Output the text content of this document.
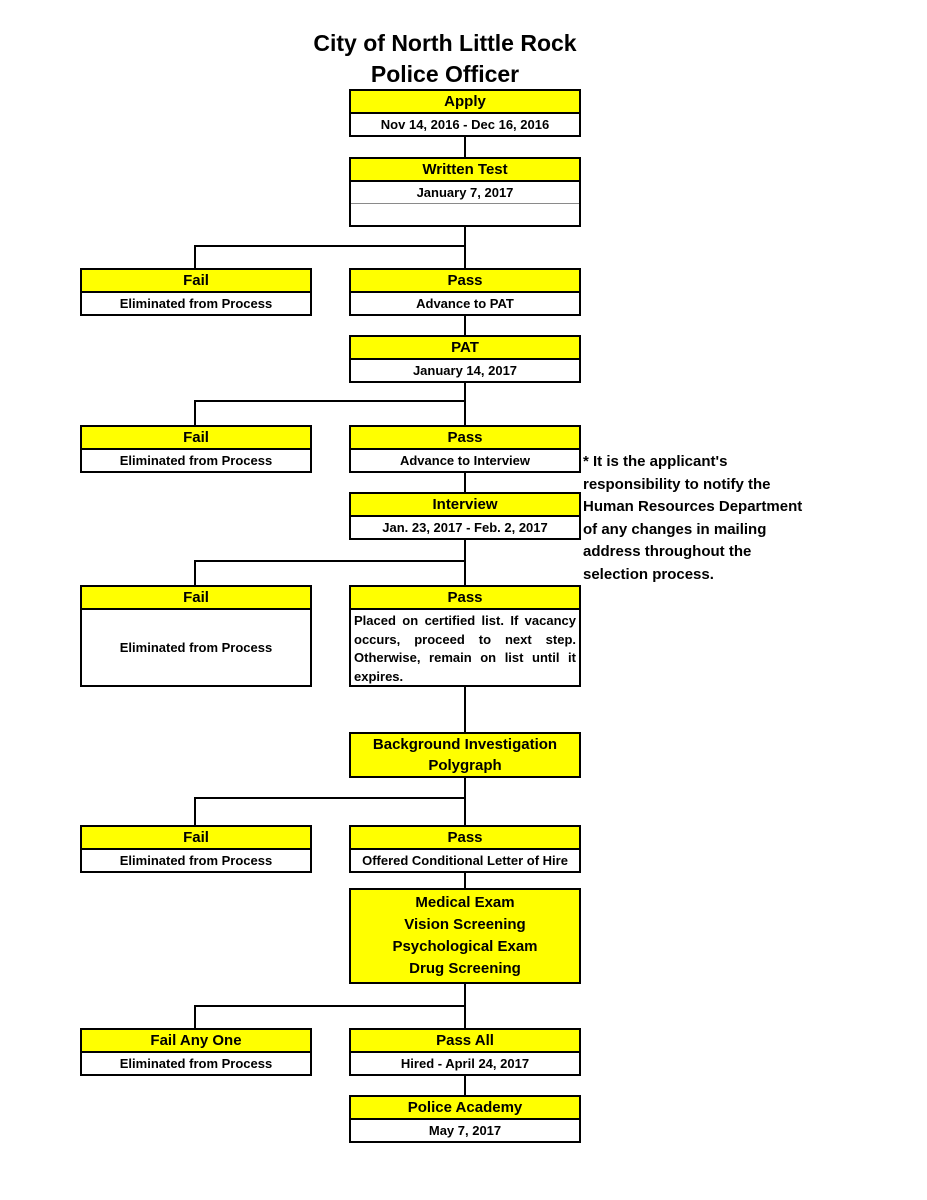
City of North Little Rock
Police Officer
Apply
Nov 14, 2016 - Dec 16, 2016
Written Test
January 7, 2017
Fail
Eliminated from Process
Pass
Advance to PAT
PAT
January 14, 2017
Fail
Eliminated from Process
Pass
Advance to Interview
Interview
Jan. 23, 2017 - Feb. 2, 2017
* It is the applicant's
responsibility to notify the
Human Resources Department
of any changes in mailing
address throughout the
selection process.
Fail
Eliminated from Process
Pass
Placed on certified list. If vacancy occurs, proceed to next step. Otherwise, remain on list until it expires.
Background Investigation
Polygraph
Fail
Eliminated from Process
Pass
Offered Conditional Letter of Hire
Medical Exam
Vision Screening
Psychological Exam
Drug Screening
Fail Any One
Eliminated from Process
Pass All
Hired - April 24, 2017
Police Academy
May 7, 2017
